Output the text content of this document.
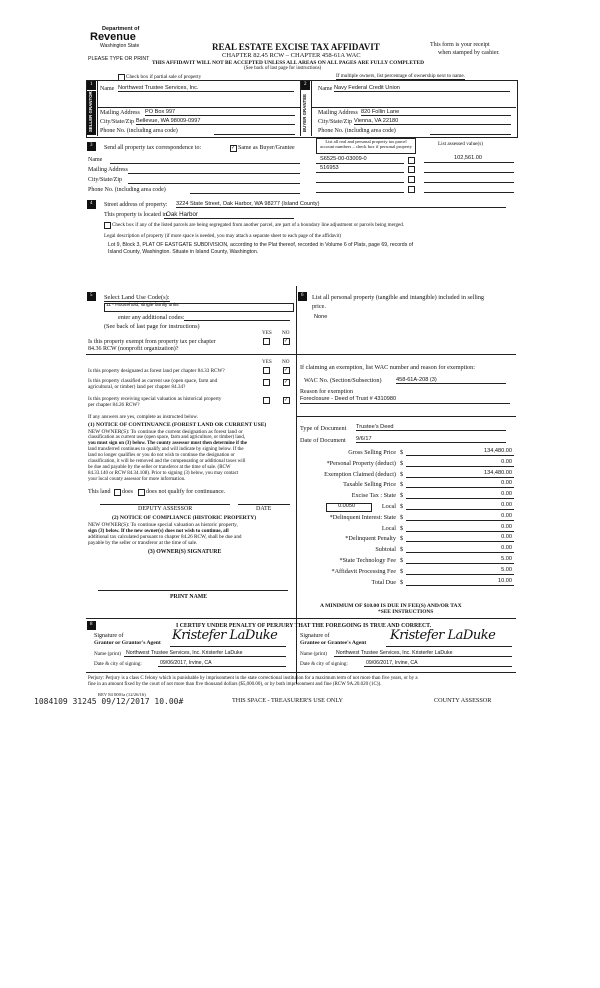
Department of
Revenue
Washington State
PLEASE TYPE OR PRINT
REAL ESTATE EXCISE TAX AFFIDAVIT
CHAPTER 82.45 RCW – CHAPTER 458-61A WAC
THIS AFFIDAVIT WILL NOT BE ACCEPTED UNLESS ALL AREAS ON ALL PAGES ARE FULLY COMPLETED
(See back of last page for instructions)
This form is your receipt
when stamped by cashier.
Check box if partial sale of property	If multiple owners, list percentage of ownership next to name.
1
SELLER GRANTOR
Name Northwest Trustee Services, Inc.
Mailing Address PO Box 997
City/State/Zip Bellevue, WA 98009-0997
Phone No. (including area code)
2
BUYER GRANTEE
Name Navy Federal Credit Union
Mailing Address 820 Follin Lane
City/State/Zip Vienna, VA 22180
Phone No. (including area code)
3 Send all property tax correspondence to:	✓ Same as Buyer/Grantee
Name
Mailing Address
City/State/Zip
Phone No. (including area code)
List all real and personal property tax parcel account numbers – check box if personal property	List assessed value(s)
S6525-00-03009-0	102,561.00
516953
4 Street address of property: 3224 State Street, Oak Harbor, WA 98277 (Island County)
This property is located in Oak Harbor
Check box if any of the listed parcels are being segregated from another parcel, are part of a boundary line adjustment or parcels being merged.
Legal description of property (if more space is needed, you may attach a separate sheet to each page of the affidavit)
Lot 9, Block 3, PLAT OF EASTGATE SUBDIVISION, according to the Plat thereof, recorded in Volume 6 of Plats, page 69, records of
Island County, Washington. Situate in Island County, Washington.
5 Select Land Use Code(s):
11 - Household, single family units
enter any additional codes:
(See back of last page for instructions)
YES NO
Is this property exempt from property tax per chapter
84.36 RCW (nonprofit organization)?
✓
YES NO
Is this property designated as forest land per chapter 84.33 RCW?	✓
Is this property classified as current use (open space, farm and
agricultural, or timber) land per chapter 84.34?
✓
Is this property receiving special valuation as historical property
per chapter 84.26 RCW?
✓
If any answers are yes, complete as instructed below.
(1) NOTICE OF CONTINUANCE (FOREST LAND OR CURRENT USE)
NEW OWNER(S): To continue the current designation as forest land or
classification as current use (open space, farm and agriculture, or timber) land,
you must sign on (3) below. The county assessor must then determine if the
land transferred continues to qualify and will indicate by signing below. If the
land no longer qualifies or you do not wish to continue the designation or
classification, it will be removed and the compensating or additional taxes will
be due and payable by the seller or transferor at the time of sale. (RCW
84.33.140 or RCW 84.34.108). Prior to signing (3) below, you may contact
your local county assessor for more information.
This land does does not qualify for continuance.
DEPUTY ASSESSOR	DATE
(2) NOTICE OF COMPLIANCE (HISTORIC PROPERTY)
NEW OWNER(S): To continue special valuation as historic property,
sign (3) below. If the new owner(s) does not wish to continue, all
additional tax calculated pursuant to chapter 84.26 RCW, shall be due and
payable by the seller or transferor at the time of sale.
(3) OWNER(S) SIGNATURE
PRINT NAME
6 List all personal property (tangible and intangible) included in selling
price.
None
If claiming an exemption, list WAC number and reason for exemption:
WAC No. (Section/Subsection)	458-61A-208 (3)
Reason for exemption
Foreclosure - Deed of Trust # 4310980
Type of Document Trustee's Deed
Date of Document 9/6/17
Gross Selling Price $	134,480.00
*Personal Property (deduct) $	0.00
Exemption Claimed (deduct) $	134,480.00
Taxable Selling Price $	0.00
Excise Tax : State $	0.00
Local $	0.00
*Delinquent Interest: State $	0.00
Local $	0.00
*Delinquent Penalty $	0.00
Subtotal $	0.00
*State Technology Fee $	5.00
*Affidavit Processing Fee $	5.00
Total Due $	10.00
0.0050
A MINIMUM OF $10.00 IS DUE IN FEE(S) AND/OR TAX
*SEE INSTRUCTIONS
8	I CERTIFY UNDER PENALTY OF PERJURY THAT THE FOREGOING IS TRUE AND CORRECT.
Signature of
Grantor or Grantor's Agent Kristefer LaDuke
Name (print) Northwest Trustee Services, Inc. Kristerfer LaDuke
Date & city of signing:	09/06/2017, Irvine, CA
Signature of
Grantee or Grantee's Agent Kristefer LaDuke
Name (print) Northwest Trustee Services, Inc. Kristerfer LaDuke
Date & city of signing:	09/06/2017, Irvine, CA
Perjury: Perjury is a class C felony which is punishable by imprisonment in the state correctional institution for a maximum term of not more than five years, or by a
fine in an amount fixed by the court of not more than five thousand dollars ($5,000.00), or by both imprisonment and fine (RCW 9A.20.020 (1C)).
1084109 31245 09/12/2017 10.00#
REV 84 0001a (12/26/16)
THIS SPACE - TREASURER'S USE ONLY	COUNTY ASSESSOR
